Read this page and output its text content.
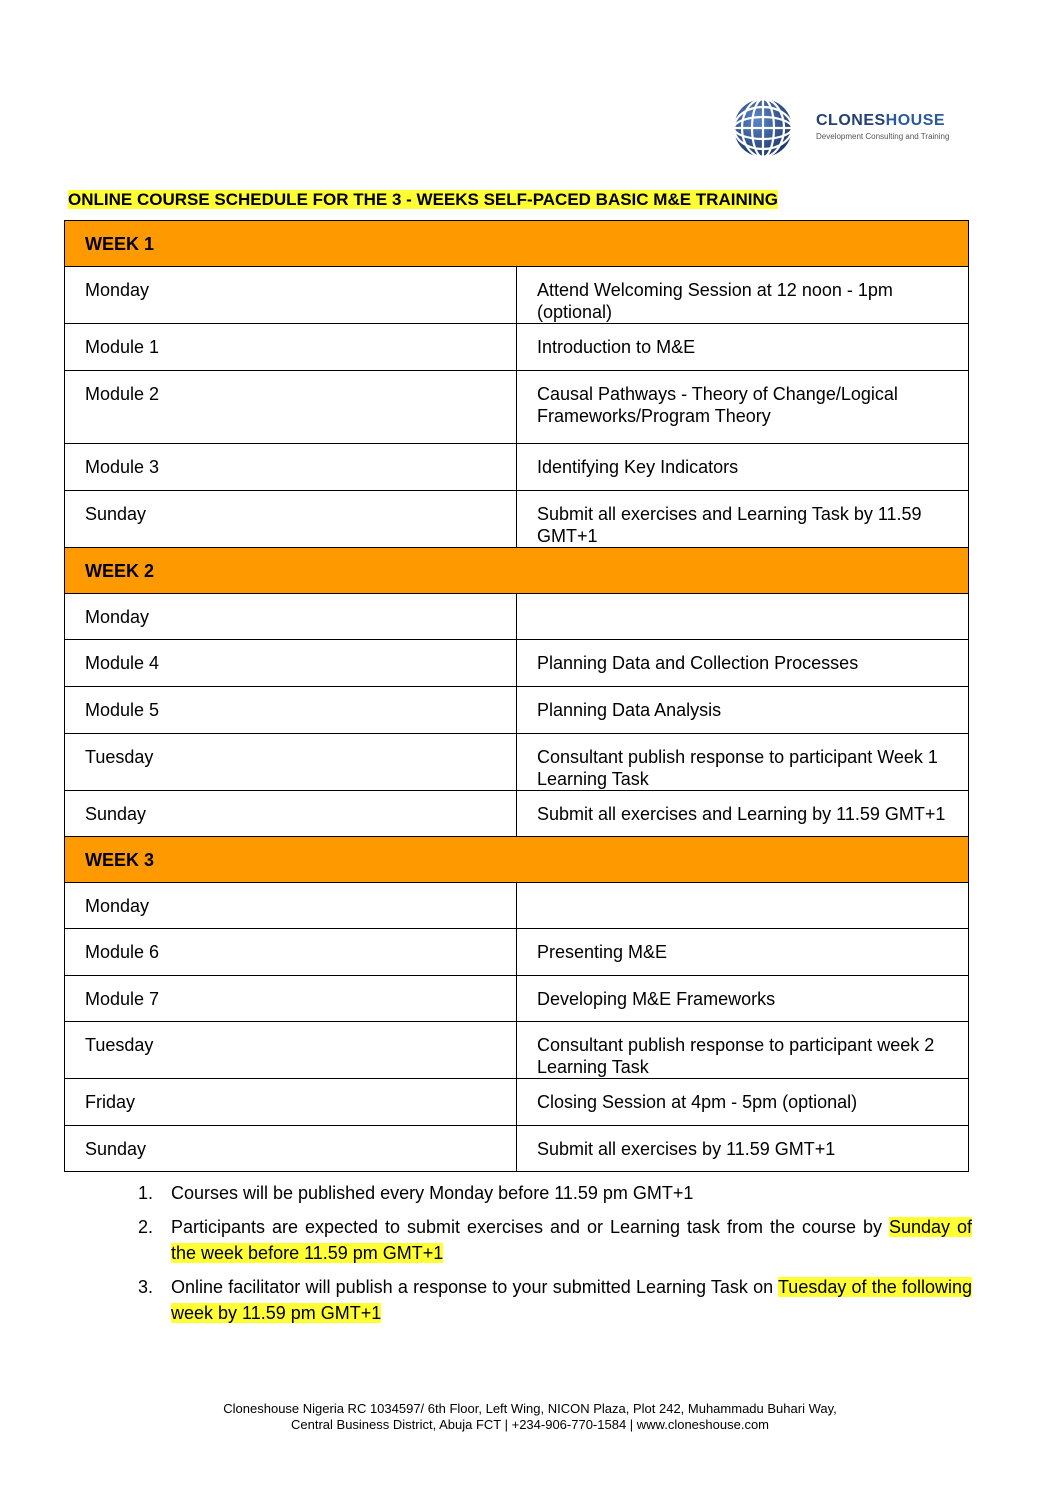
CLONESHOUSE
Development Consulting and Training
ONLINE COURSE SCHEDULE FOR THE 3 - WEEKS SELF-PACED BASIC M&E TRAINING
WEEK 1	
Monday	Attend Welcoming Session at 12 noon - 1pm (optional)
Module 1	Introduction to M&E
Module 2	Causal Pathways - Theory of Change/Logical Frameworks/Program Theory
Module 3	Identifying Key Indicators
Sunday	Submit all exercises and Learning Task by 11.59 GMT+1
WEEK 2	
Monday	
Module 4	Planning Data and Collection Processes
Module 5	Planning Data Analysis
Tuesday	Consultant publish response to participant Week 1 Learning Task
Sunday	Submit all exercises and Learning by 11.59 GMT+1
WEEK 3	
Monday	
Module 6	Presenting M&E
Module 7	Developing M&E Frameworks
Tuesday	Consultant publish response to participant week 2 Learning Task
Friday	Closing Session at 4pm - 5pm (optional)
Sunday	Submit all exercises by 11.59 GMT+1
1. Courses will be published every Monday before 11.59 pm GMT+1
2. Participants are expected to submit exercises and or Learning task from the course by Sunday of the week before 11.59 pm GMT+1
3. Online facilitator will publish a response to your submitted Learning Task on Tuesday of the following week by 11.59 pm GMT+1
Cloneshouse Nigeria RC 1034597/ 6th Floor, Left Wing, NICON Plaza, Plot 242, Muhammadu Buhari Way,
Central Business District, Abuja FCT | +234-906-770-1584 | www.cloneshouse.com
